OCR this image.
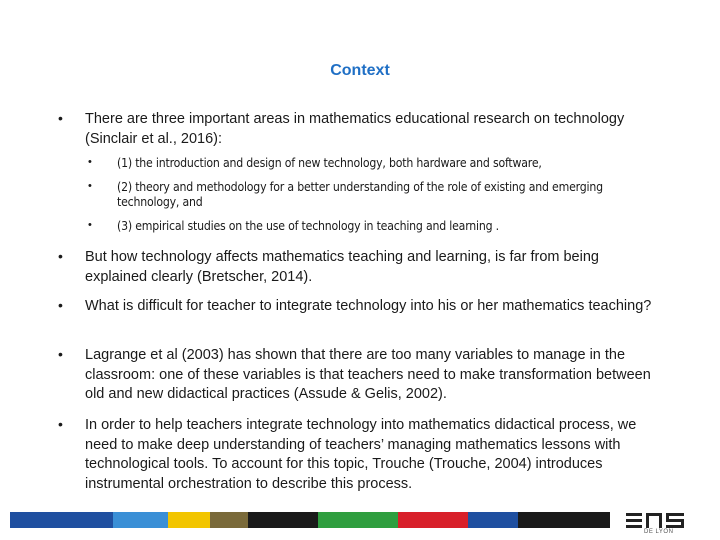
Context
• There are three important areas in mathematics educational research on technology (Sinclair et al., 2016):
• (1) the introduction and design of new technology, both hardware and software,
• (2) theory and methodology for a better understanding of the role of existing and emerging technology, and
• (3) empirical studies on the use of technology in teaching and learning .
• But how technology affects mathematics teaching and learning, is far from being explained clearly (Bretscher, 2014).
• What is difficult for teacher to integrate technology into his or her mathematics teaching?
• Lagrange et al (2003) has shown that there are too many variables to manage in the classroom: one of these variables is that teachers need to make transformation between old and new didactical practices (Assude & Gelis, 2002).
• In order to help teachers integrate technology into mathematics didactical process, we need to make deep understanding of teachers’ managing mathematics lessons with technological tools. To account for this topic, Trouche (Trouche, 2004) introduces instrumental orchestration to describe this process.
DE LYON
